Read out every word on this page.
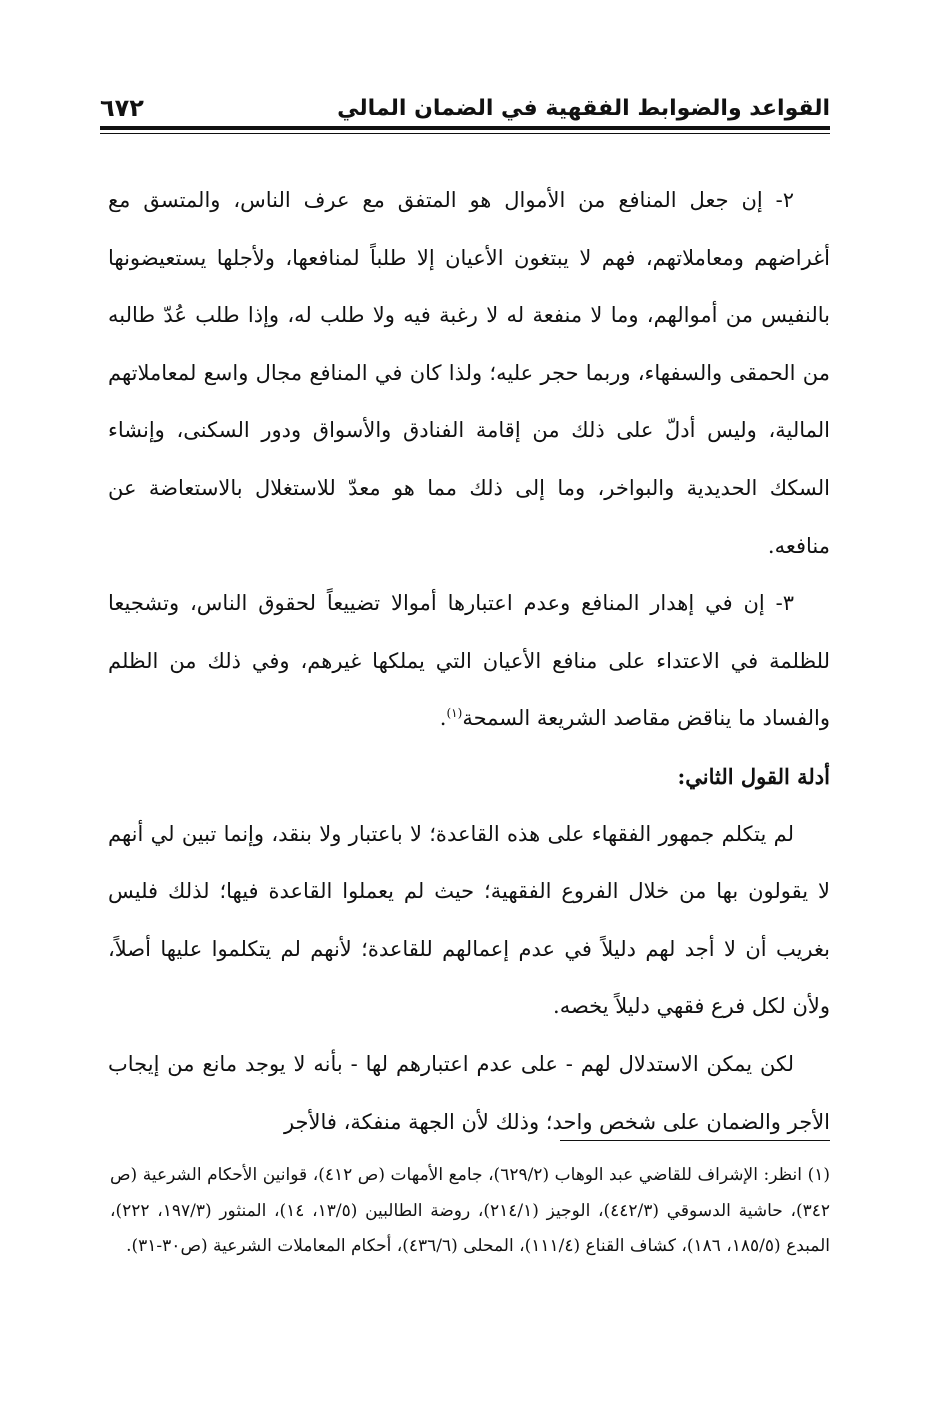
القواعد والضوابط الفقهية في الضمان المالي
٦٧٢

٢- إن جعل المنافع من الأموال هو المتفق مع عرف الناس، والمتسق مع أغراضهم ومعاملاتهم، فهم لا يبتغون الأعيان إلا طلباً لمنافعها، ولأجلها يستعيضونها بالنفيس من أموالهم، وما لا منفعة له لا رغبة فيه ولا طلب له، وإذا طلب عُدّ طالبه من الحمقى والسفهاء، وربما حجر عليه؛ ولذا كان في المنافع مجال واسع لمعاملاتهم المالية، وليس أدلّ على ذلك من إقامة الفنادق والأسواق ودور السكنى، وإنشاء السكك الحديدية والبواخر، وما إلى ذلك مما هو معدّ للاستغلال بالاستعاضة عن منافعه.

٣- إن في إهدار المنافع وعدم اعتبارها أموالا تضييعاً لحقوق الناس، وتشجيعا للظلمة في الاعتداء على منافع الأعيان التي يملكها غيرهم، وفي ذلك من الظلم والفساد ما يناقض مقاصد الشريعة السمحة$^{(١)}$.

أدلة القول الثاني:

لم يتكلم جمهور الفقهاء على هذه القاعدة؛ لا باعتبار ولا بنقد، وإنما تبين لي أنهم لا يقولون بها من خلال الفروع الفقهية؛ حيث لم يعملوا القاعدة فيها؛ لذلك فليس بغريب أن لا أجد لهم دليلاً في عدم إعمالهم للقاعدة؛ لأنهم لم يتكلموا عليها أصلاً، ولأن لكل فرع فقهي دليلاً يخصه.

لكن يمكن الاستدلال لهم - على عدم اعتبارهم لها - بأنه لا يوجد مانع من إيجاب الأجر والضمان على شخص واحد؛ وذلك لأن الجهة منفكة، فالأجر

(١) انظر: الإشراف للقاضي عبد الوهاب (٦٢٩/٢)، جامع الأمهات (ص ٤١٢)، قوانين الأحكام الشرعية (ص ٣٤٢)، حاشية الدسوقي (٤٤٢/٣)، الوجيز (٢١٤/١)، روضة الطالبين (١٣/٥، ١٤)، المنثور (١٩٧/٣، ٢٢٢)، المبدع (١٨٥/٥، ١٨٦)، كشاف القناع (١١١/٤)، المحلى (٤٣٦/٦)، أحكام المعاملات الشرعية (ص٣٠-٣١).
